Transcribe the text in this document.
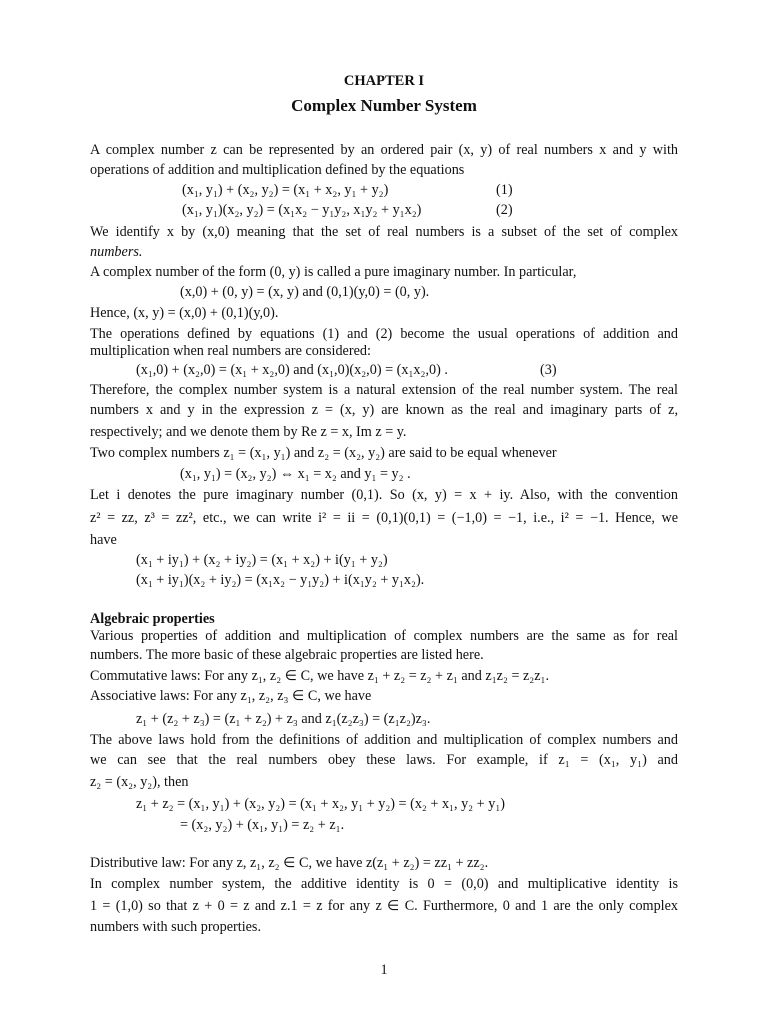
CHAPTER I
Complex Number System
A complex number z can be represented by an ordered pair (x, y) of real numbers x and y with
operations of addition and multiplication defined by the equations
(x₁, y₁) + (x₂, y₂) = (x₁ + x₂, y₁ + y₂)
(x₁, y₁)(x₂, y₂) = (x₁x₂ − y₁y₂, x₁y₂ + y₁x₂)
We identify x by (x,0) meaning that the set of real numbers is a subset of the set of complex
numbers.
A complex number of the form (0, y) is called a pure imaginary number. In particular,
(x,0) + (0, y) = (x, y) and (0,1)(y,0) = (0, y).
Hence, (x, y) = (x,0) + (0,1)(y,0).
The operations defined by equations (1) and (2) become the usual operations of addition and
multiplication when real numbers are considered:
(x₁,0) + (x₂,0) = (x₁ + x₂,0) and (x₁,0)(x₂,0) = (x₁x₂,0) .
Therefore, the complex number system is a natural extension of the real number system. The real
numbers x and y in the expression z = (x, y) are known as the real and imaginary parts of z,
respectively; and we denote them by Re z = x, Im z = y.
Two complex numbers z₁ = (x₁, y₁) and z₂ = (x₂, y₂) are said to be equal whenever
(x₁, y₁) = (x₂, y₂) ⇔ x₁ = x₂ and y₁ = y₂ .
Let i denotes the pure imaginary number (0,1). So (x, y) = x + iy. Also, with the convention
z² = zz, z³ = zz², etc., we can write i² = ii = (0,1)(0,1) = (−1,0) = −1, i.e., i² = −1. Hence, we
have
(x₁ + iy₁) + (x₂ + iy₂) = (x₁ + x₂) + i(y₁ + y₂)
(x₁ + iy₁)(x₂ + iy₂) = (x₁x₂ − y₁y₂) + i(x₁y₂ + y₁x₂).
Algebraic properties
Various properties of addition and multiplication of complex numbers are the same as for real
numbers. The more basic of these algebraic properties are listed here.
Commutative laws: For any z₁, z₂ ∈ C, we have z₁ + z₂ = z₂ + z₁ and z₁z₂ = z₂z₁.
Associative laws: For any z₁, z₂, z₃ ∈ C, we have
z₁ + (z₂ + z₃) = (z₁ + z₂) + z₃ and z₁(z₂z₃) = (z₁z₂)z₃.
The above laws hold from the definitions of addition and multiplication of complex numbers and
we can see that the real numbers obey these laws. For example, if z₁ = (x₁, y₁) and
z₂ = (x₂, y₂), then
z₁ + z₂ = (x₁, y₁) + (x₂, y₂) = (x₁ + x₂, y₁ + y₂) = (x₂ + x₁, y₂ + y₁)
= (x₂, y₂) + (x₁, y₁) = z₂ + z₁.
Distributive law: For any z, z₁, z₂ ∈ C, we have z(z₁ + z₂) = zz₁ + zz₂.
In complex number system, the additive identity is 0 = (0,0) and multiplicative identity is
1 = (1,0) so that z + 0 = z and z.1 = z for any z ∈ C. Furthermore, 0 and 1 are the only complex
numbers with such properties.
(1)
(2)
(3)
1
